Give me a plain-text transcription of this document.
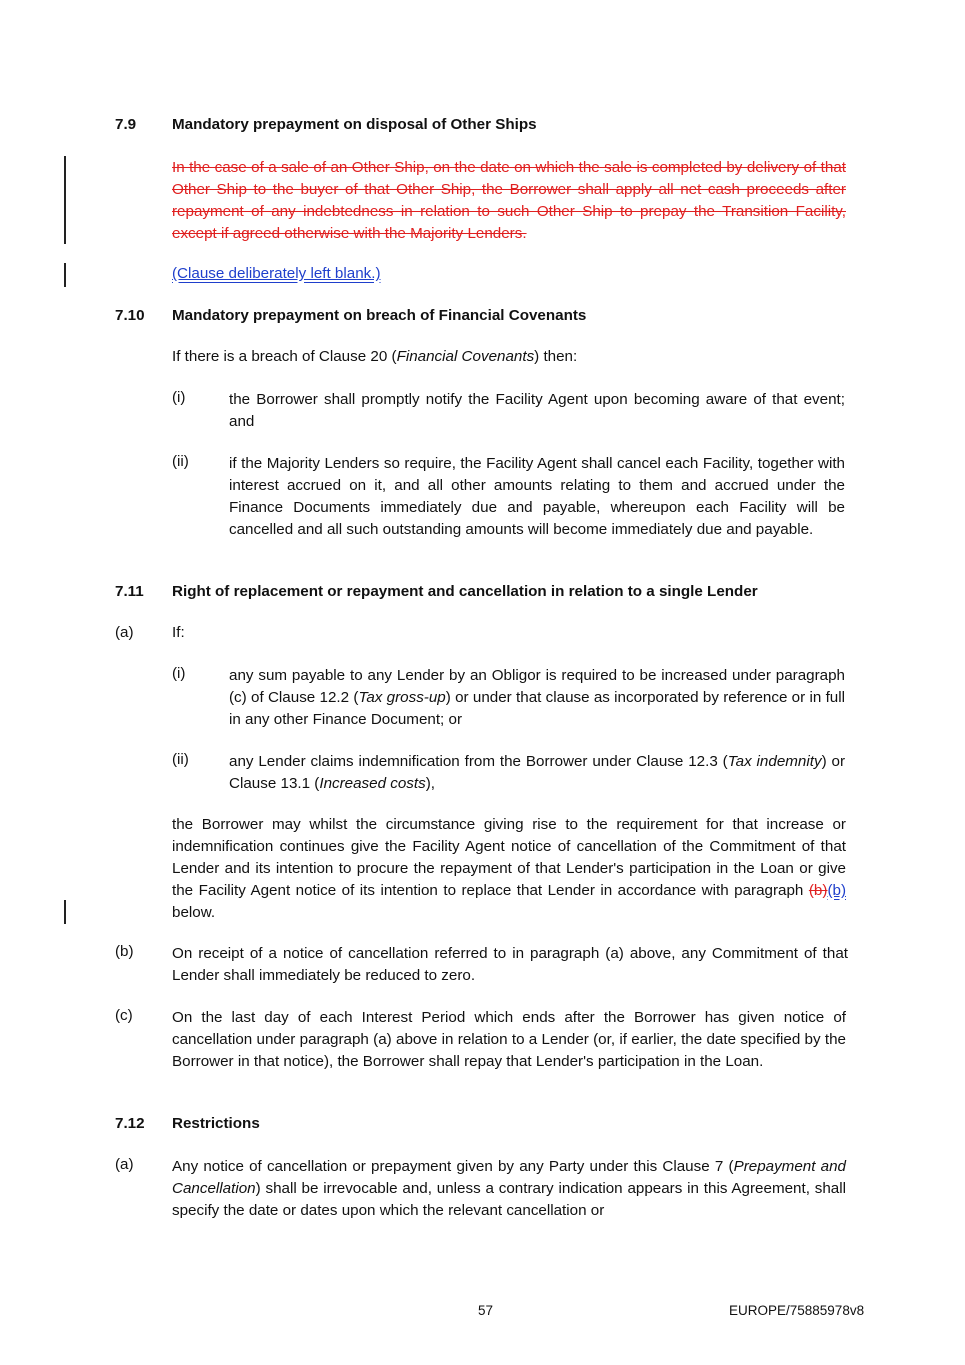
7.9 Mandatory prepayment on disposal of Other Ships
In the case of a sale of an Other Ship, on the date on which the sale is completed by delivery of that Other Ship to the buyer of that Other Ship, the Borrower shall apply all net cash proceeds after repayment of any indebtedness in relation to such Other Ship to prepay the Transition Facility, except if agreed otherwise with the Majority Lenders.
(Clause deliberately left blank.)
7.10 Mandatory prepayment on breach of Financial Covenants
If there is a breach of Clause 20 (Financial Covenants) then:
(i)	the Borrower shall promptly notify the Facility Agent upon becoming aware of that event; and
(ii)	if the Majority Lenders so require, the Facility Agent shall cancel each Facility, together with interest accrued on it, and all other amounts relating to them and accrued under the Finance Documents immediately due and payable, whereupon each Facility will be cancelled and all such outstanding amounts will become immediately due and payable.
7.11 Right of replacement or repayment and cancellation in relation to a single Lender
(a)	If:
(i)	any sum payable to any Lender by an Obligor is required to be increased under paragraph (c) of Clause 12.2 (Tax gross-up) or under that clause as incorporated by reference or in full in any other Finance Document; or
(ii)	any Lender claims indemnification from the Borrower under Clause 12.3 (Tax indemnity) or Clause 13.1 (Increased costs),
the Borrower may whilst the circumstance giving rise to the requirement for that increase or indemnification continues give the Facility Agent notice of cancellation of the Commitment of that Lender and its intention to procure the repayment of that Lender's participation in the Loan or give the Facility Agent notice of its intention to replace that Lender in accordance with paragraph (b)(b) below.
(b)	On receipt of a notice of cancellation referred to in paragraph (a) above, any Commitment of that Lender shall immediately be reduced to zero.
(c)	On the last day of each Interest Period which ends after the Borrower has given notice of cancellation under paragraph (a) above in relation to a Lender (or, if earlier, the date specified by the Borrower in that notice), the Borrower shall repay that Lender's participation in the Loan.
7.12 Restrictions
(a)	Any notice of cancellation or prepayment given by any Party under this Clause 7 (Prepayment and Cancellation) shall be irrevocable and, unless a contrary indication appears in this Agreement, shall specify the date or dates upon which the relevant cancellation or
57	EUROPE/75885978v8
